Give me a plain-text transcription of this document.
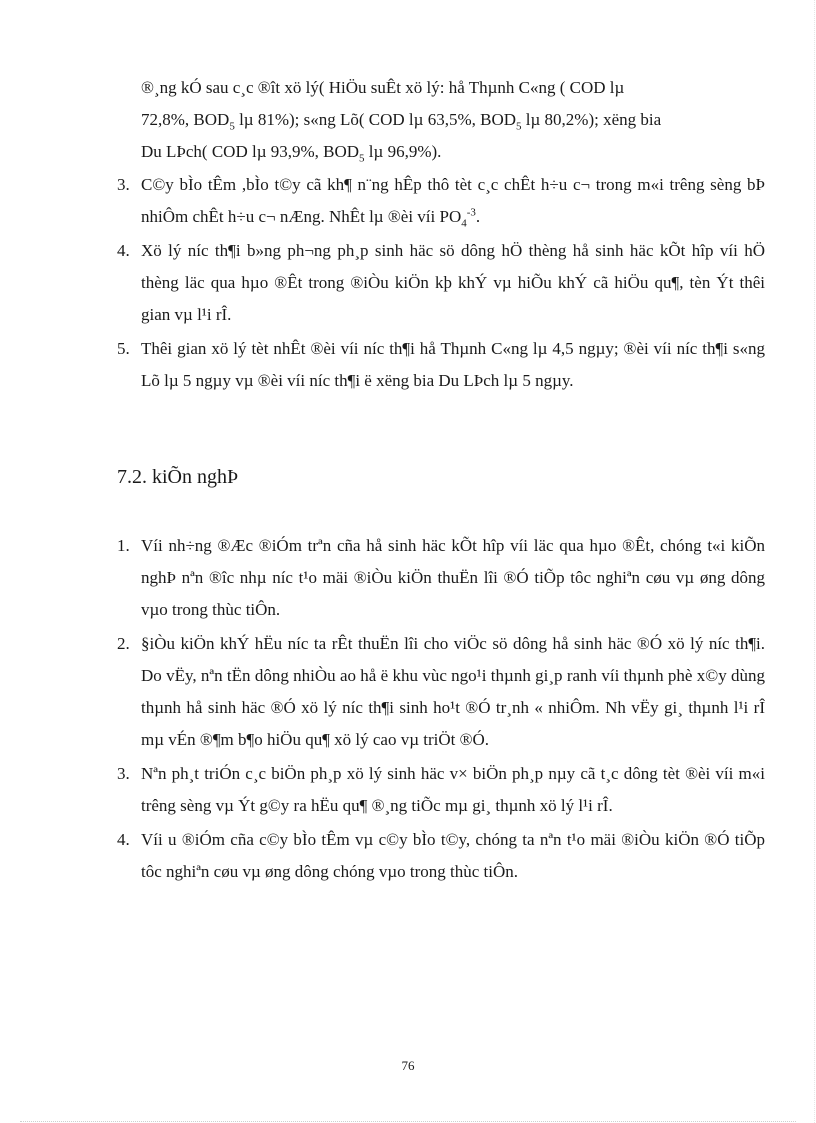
®¸ng kÓ sau c¸c ®ît xö lý( HiÖu suÊt xö lý: hå Thµnh C«ng ( COD lµ
72,8%, $BOD_5$ lµ 81%); s«ng Lõ( COD lµ 63,5%, $BOD_5$ lµ 80,2%); xëng bia
Du LÞch( COD lµ 93,9%, $BOD_5$ lµ 96,9%).
3. C©y bÌo tÊm ,bÌo t©y cã kh¶ n¨ng hÊp thô tèt c¸c chÊt h÷u c¬ trong m«i trêng sèng bÞ nhiÔm chÊt h÷u c¬ nÆng. NhÊt lµ ®èi víi $PO_4^{-3}$.
4. Xö lý níc th¶i b»ng ph¬ng ph¸p sinh häc sö dông hÖ thèng hå sinh häc kÕt hîp víi hÖ thèng läc qua hµo ®Êt trong ®iÒu kiÖn kþ khÝ vµ hiÕu khÝ cã hiÖu qu¶, tèn Ýt thêi gian vµ l¹i rÎ.
5. Thêi gian xö lý tèt nhÊt ®èi víi níc th¶i hå Thµnh C«ng lµ 4,5 ngµy; ®èi víi níc th¶i s«ng Lõ lµ 5 ngµy vµ ®èi víi níc th¶i ë xëng bia Du LÞch lµ 5 ngµy.
7.2. kiÕn nghÞ
1. Víi nh÷ng ®Æc ®iÓm trªn cña hå sinh häc kÕt hîp víi läc qua hµo ®Êt, chóng t«i kiÕn nghÞ nªn ®îc nhµ níc t¹o mäi ®iÒu kiÖn thuËn lîi ®Ó tiÕp tôc nghiªn cøu vµ øng dông vµo trong thùc tiÔn.
2. §iÒu kiÖn khÝ hËu níc ta rÊt thuËn lîi cho viÖc sö dông hå sinh häc ®Ó xö lý níc th¶i. Do vËy, nªn tËn dông nhiÒu ao hå ë khu vùc ngo¹i thµnh gi¸p ranh víi thµnh phè x©y dùng thµnh hå sinh häc ®Ó xö lý níc th¶i sinh ho¹t ®Ó tr¸nh « nhiÔm. Nh vËy gi¸ thµnh l¹i rÎ mµ vÉn ®¶m b¶o hiÖu qu¶ xö lý cao vµ triÖt ®Ó.
3. Nªn ph¸t triÓn c¸c biÖn ph¸p xö lý sinh häc v× biÖn ph¸p nµy cã t¸c dông tèt ®èi víi m«i trêng sèng vµ Ýt g©y ra hËu qu¶ ®¸ng tiÕc mµ gi¸ thµnh xö lý l¹i rÎ.
4. Víi u ®iÓm cña c©y bÌo tÊm vµ c©y bÌo t©y, chóng ta nªn t¹o mäi ®iÒu kiÖn ®Ó tiÕp tôc nghiªn cøu vµ øng dông chóng vµo trong thùc tiÔn.
76
